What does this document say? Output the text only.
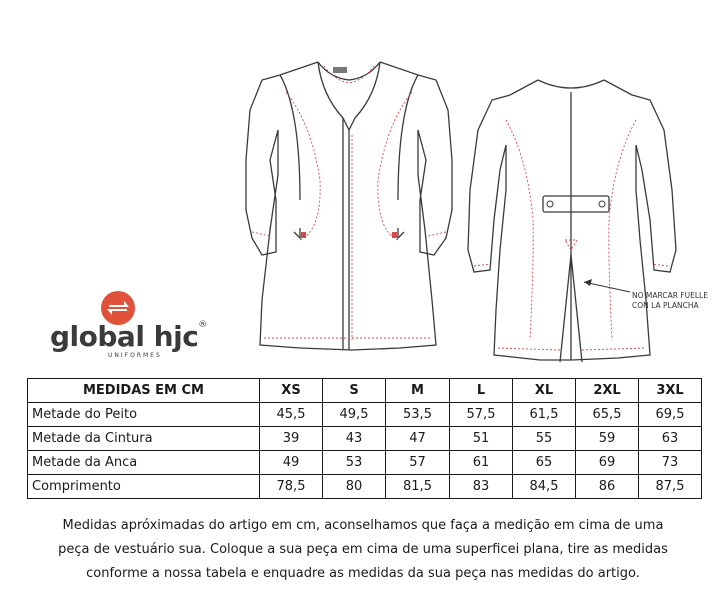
NO MARCAR FUELLE
CON LA PLANCHA
global hjc®
UNIFORMES
MEDIDAS EM CM	XS	S	M	L	XL	2XL	3XL
Metade do Peito	45,5	49,5	53,5	57,5	61,5	65,5	69,5
Metade da Cintura	39	43	47	51	55	59	63
Metade da Anca	49	53	57	61	65	69	73
Comprimento	78,5	80	81,5	83	84,5	86	87,5
Medidas apróximadas do artigo em cm, aconselhamos que faça a medição em cima de uma
peça de vestuário sua. Coloque a sua peça em cima de uma superficei plana, tire as medidas
conforme a nossa tabela e enquadre as medidas da sua peça nas medidas do artigo.
